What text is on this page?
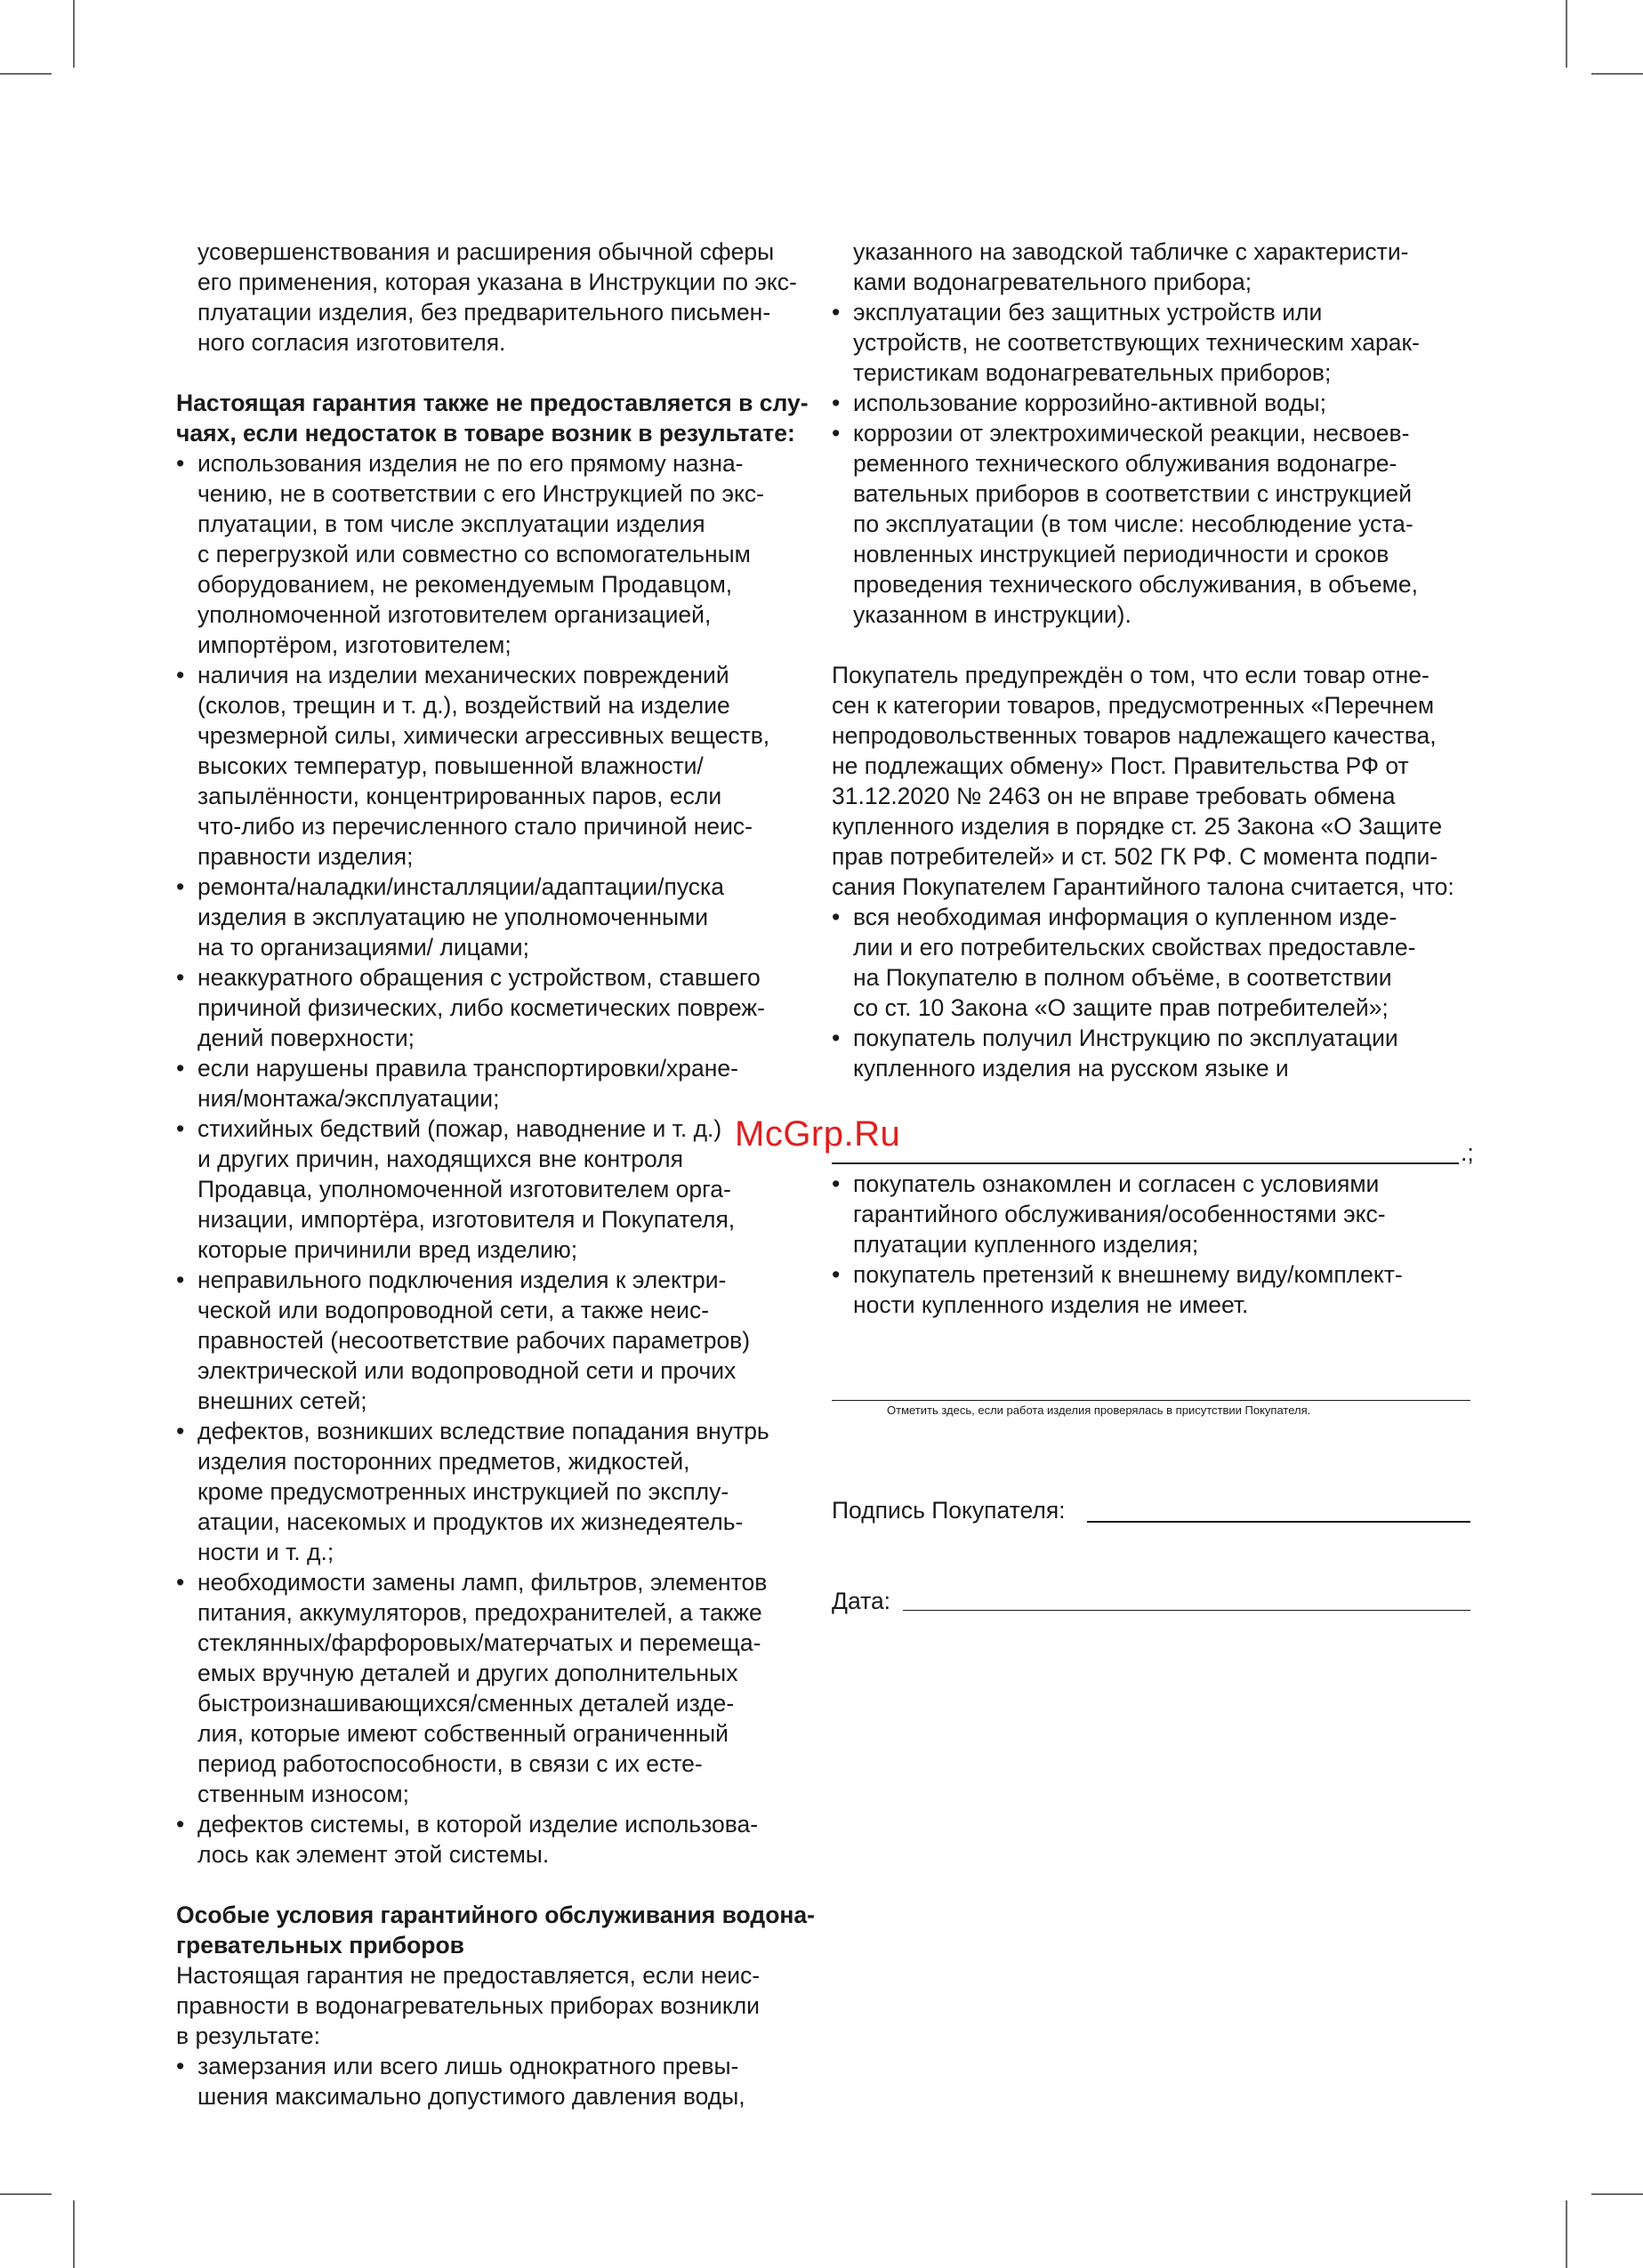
усовершенствования и расширения обычной сферы

его применения, которая указана в Инструкции по экс-

плуатации изделия, без предварительного письмен-

ного согласия изготовителя.

Настоящая гарантия также не предоставляется в слу-

чаях, если недостаток в товаре возник в результате:

• использования изделия не по его прямому назна-
чению, не в соответствии с его Инструкцией по экс-
плуатации, в том числе эксплуатации изделия
с перегрузкой или совместно со вспомогательным
оборудованием, не рекомендуемым Продавцом,
уполномоченной изготовителем организацией,
импортёром, изготовителем;
• наличия на изделии механических повреждений
(сколов, трещин и т. д.), воздействий на изделие
чрезмерной силы, химически агрессивных веществ,
высоких температур, повышенной влажности/
запылённости, концентрированных паров, если
что-либо из перечисленного стало причиной неис-
правности изделия;
• ремонта/наладки/инсталляции/адаптации/пуска
изделия в эксплуатацию не уполномоченными
на то организациями/ лицами;
• неаккуратного обращения с устройством, ставшего
причиной физических, либо косметических повреж-
дений поверхности;
• если нарушены правила транспортировки/хране-
ния/монтажа/эксплуатации;
• стихийных бедствий (пожар, наводнение и т. д.)
и других причин, находящихся вне контроля
Продавца, уполномоченной изготовителем орга-
низации, импортёра, изготовителя и Покупателя,
которые причинили вред изделию;
• неправильного подключения изделия к электри-
ческой или водопроводной сети, а также неис-
правностей (несоответствие рабочих параметров)
электрической или водопроводной сети и прочих
внешних сетей;
• дефектов, возникших вследствие попадания внутрь
изделия посторонних предметов, жидкостей,
кроме предусмотренных инструкцией по эксплу-
атации, насекомых и продуктов их жизнедеятель-
ности и т. д.;
• необходимости замены ламп, фильтров, элементов
питания, аккумуляторов, предохранителей, а также
стеклянных/фарфоровых/матерчатых и перемеща-
емых вручную деталей и других дополнительных
быстроизнашивающихся/сменных деталей изде-
лия, которые имеют собственный ограниченный
период работоспособности, в связи с их есте-
ственным износом;
• дефектов системы, в которой изделие использова-
лось как элемент этой системы.

Особые условия гарантийного обслуживания водона-

гревательных приборов

Настоящая гарантия не предоставляется, если неис-

правности в водонагревательных приборах возникли

в результате:

• замерзания или всего лишь однократного превы-
шения максимально допустимого давления воды,

указанного на заводской табличке с характеристи-

ками водонагревательного прибора;

• эксплуатации без защитных устройств или
устройств, не соответствующих техническим харак-
теристикам водонагревательных приборов;
• использование коррозийно-активной воды;
• коррозии от электрохимической реакции, несвоев-
ременного технического облуживания водонагре-
вательных приборов в соответствии с инструкцией
по эксплуатации (в том числе: несоблюдение уста-
новленных инструкцией периодичности и сроков
проведения технического обслуживания, в объеме,
указанном в инструкции).

Покупатель предупреждён о том, что если товар отне-

сен к категории товаров, предусмотренных «Перечнем

непродовольственных товаров надлежащего качества,

не подлежащих обмену» Пост. Правительства РФ от

31.12.2020 № 2463 он не вправе требовать обмена

купленного изделия в порядке ст. 25 Закона «О Защите

прав потребителей» и ст. 502 ГК РФ. С момента подпи-

сания Покупателем Гарантийного талона считается, что:

• вся необходимая информация о купленном изде-
лии и его потребительских свойствах предоставле-
на Покупателю в полном объёме, в соответствии
со ст. 10 Закона «О защите прав потребителей»;
• покупатель получил Инструкцию по эксплуатации
купленного изделия на русском языке и
.;
• покупатель ознакомлен и согласен с условиями
гарантийного обслуживания/особенностями экс-
плуатации купленного изделия;
• покупатель претензий к внешнему виду/комплект-
ности купленного изделия не имеет.
Отметить здесь, если работа изделия проверялась в присутствии Покупателя.
Подпись Покупателя:
Дата:
McGrp.Ru
